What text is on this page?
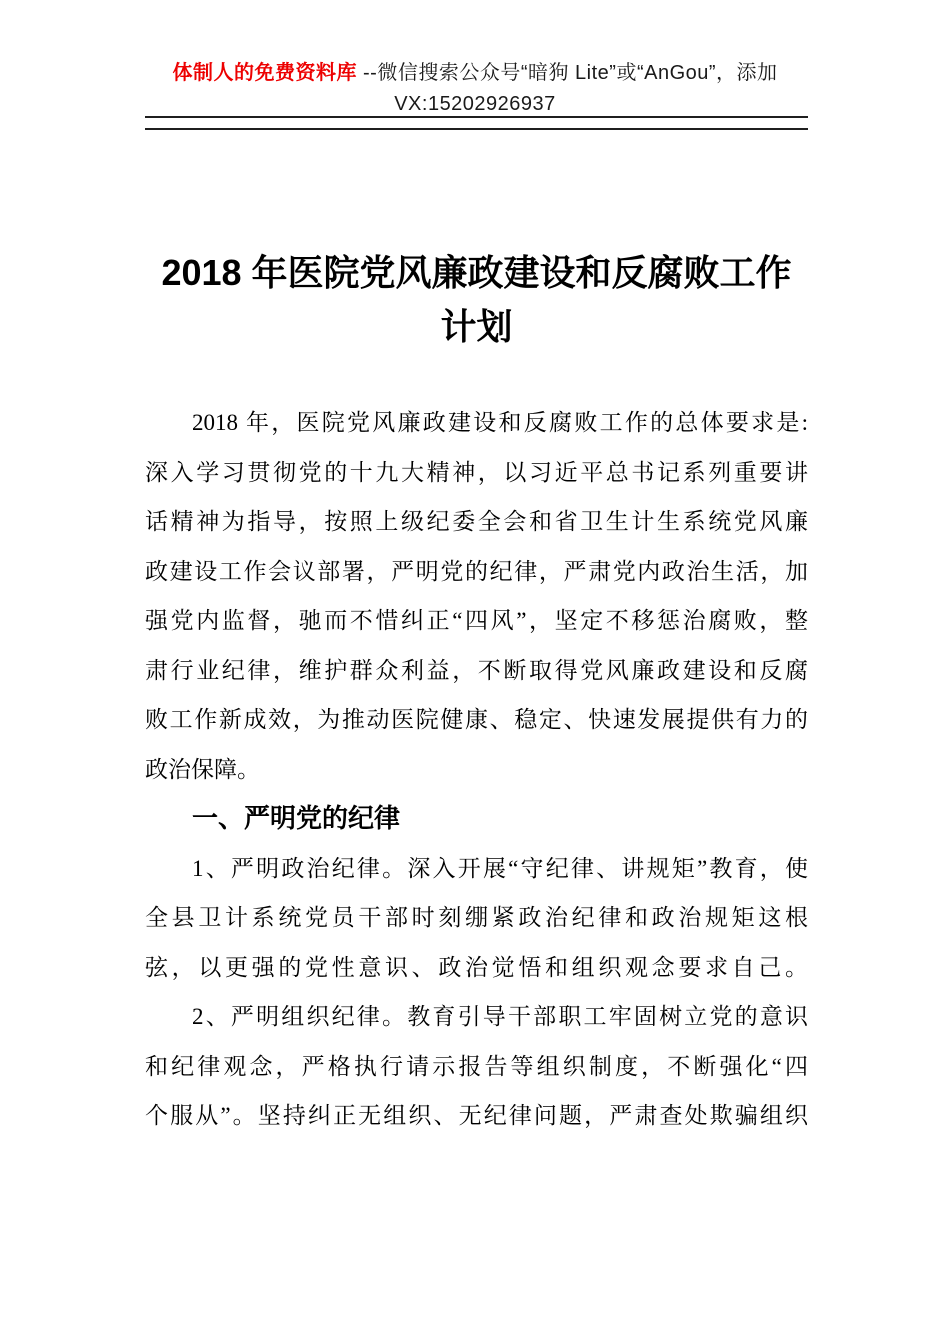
体制人的免费资料库 --微信搜索公众号“暗狗 Lite”或“AnGou”，添加
VX:15202926937
2018 年医院党风廉政建设和反腐败工作
计划
2018 年，医院党风廉政建设和反腐败工作的总体要求是:
深入学习贯彻党的十九大精神，以习近平总书记系列重要讲
话精神为指导，按照上级纪委全会和省卫生计生系统党风廉
政建设工作会议部署，严明党的纪律，严肃党内政治生活，加
强党内监督，驰而不惜纠正“四风”，坚定不移惩治腐败，整
肃行业纪律，维护群众利益，不断取得党风廉政建设和反腐
败工作新成效，为推动医院健康、稳定、快速发展提供有力的
政治保障。
一、严明党的纪律
1、严明政治纪律。深入开展“守纪律、讲规矩”教育，使
全县卫计系统党员干部时刻绷紧政治纪律和政治规矩这根
弦，以更强的党性意识、政治觉悟和组织观念要求自己。
2、严明组织纪律。教育引导干部职工牢固树立党的意识
和纪律观念，严格执行请示报告等组织制度，不断强化“四
个服从”。坚持纠正无组织、无纪律问题，严肃查处欺骗组织
